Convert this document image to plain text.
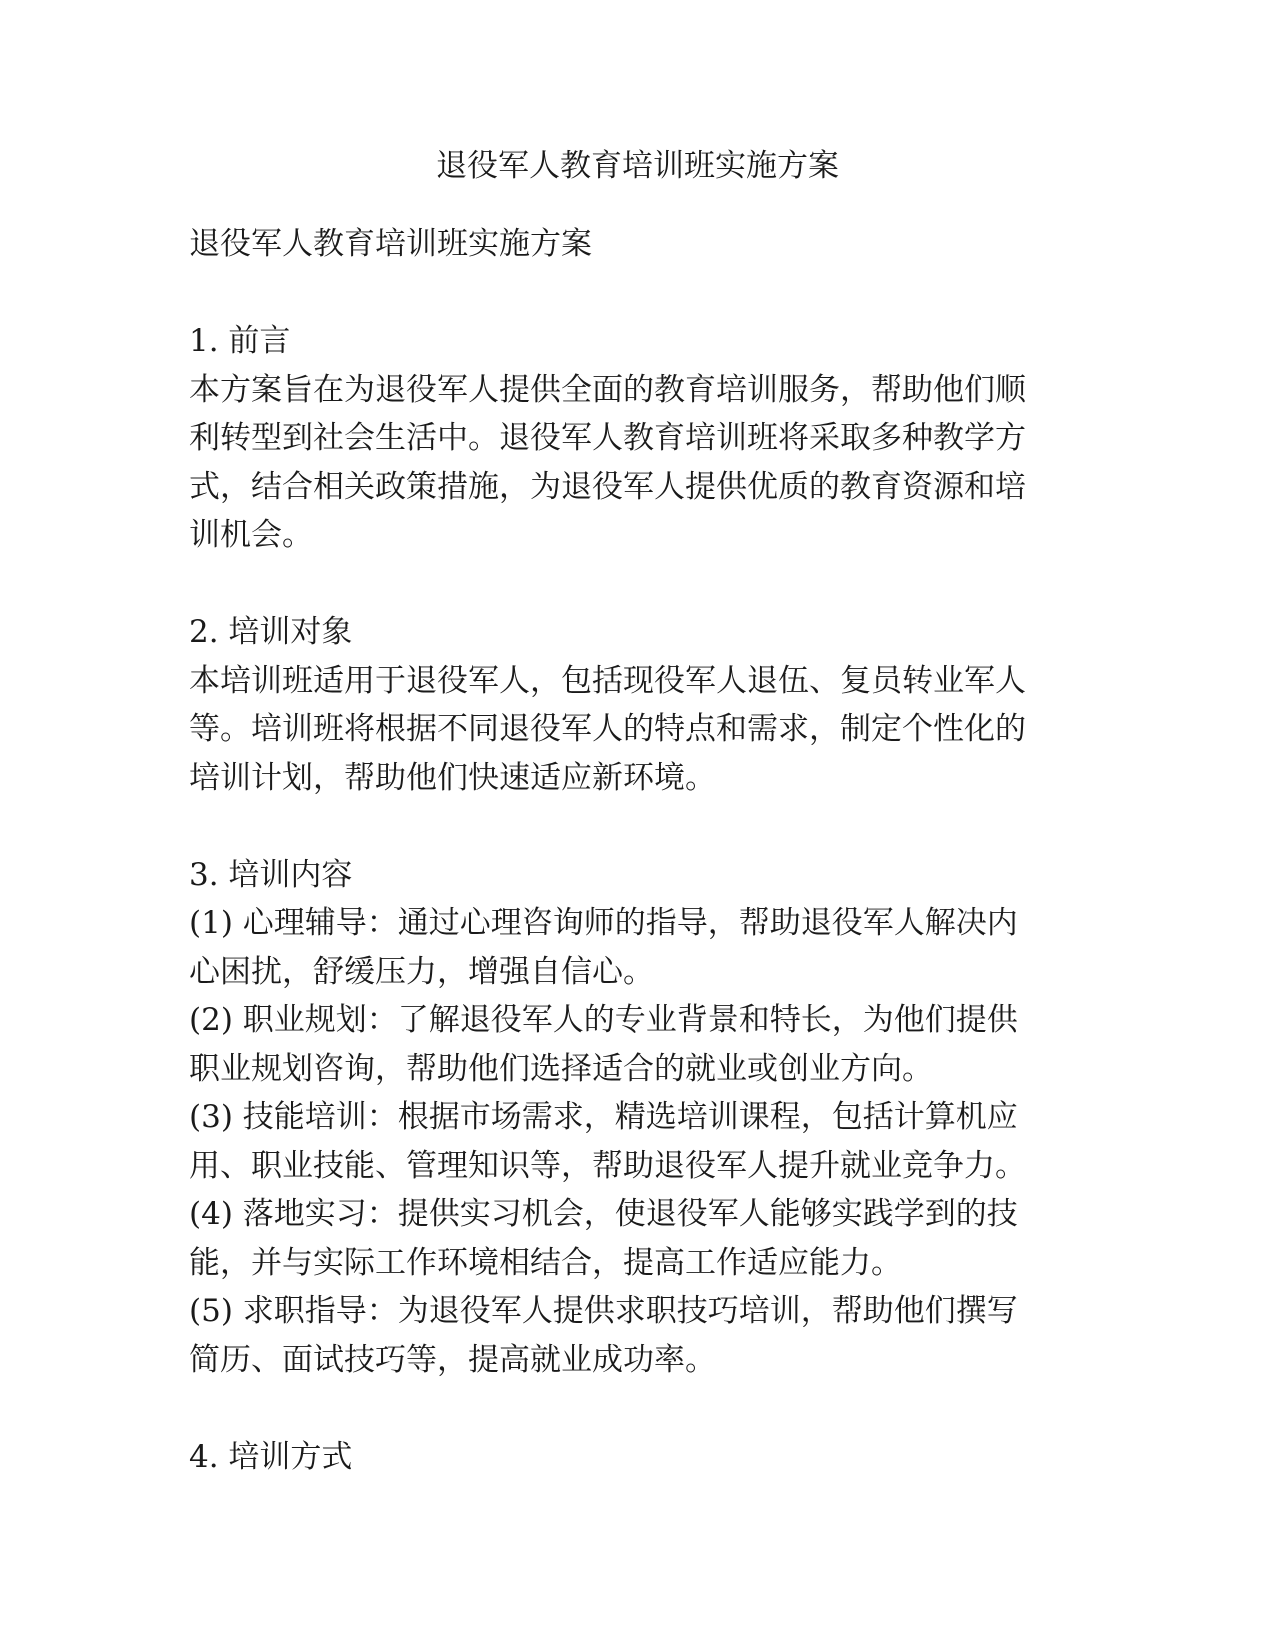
退役军人教育培训班实施方案
退役军人教育培训班实施方案
1. 前言
本方案旨在为退役军人提供全面的教育培训服务，帮助他们顺
利转型到社会生活中。退役军人教育培训班将采取多种教学方
式，结合相关政策措施，为退役军人提供优质的教育资源和培
训机会。
2. 培训对象
本培训班适用于退役军人，包括现役军人退伍、复员转业军人
等。培训班将根据不同退役军人的特点和需求，制定个性化的
培训计划，帮助他们快速适应新环境。
3. 培训内容
(1) 心理辅导：通过心理咨询师的指导，帮助退役军人解决内
心困扰，舒缓压力，增强自信心。
(2) 职业规划：了解退役军人的专业背景和特长，为他们提供
职业规划咨询，帮助他们选择适合的就业或创业方向。
(3) 技能培训：根据市场需求，精选培训课程，包括计算机应
用、职业技能、管理知识等，帮助退役军人提升就业竞争力。
(4) 落地实习：提供实习机会，使退役军人能够实践学到的技
能，并与实际工作环境相结合，提高工作适应能力。
(5) 求职指导：为退役军人提供求职技巧培训，帮助他们撰写
简历、面试技巧等，提高就业成功率。
4. 培训方式
